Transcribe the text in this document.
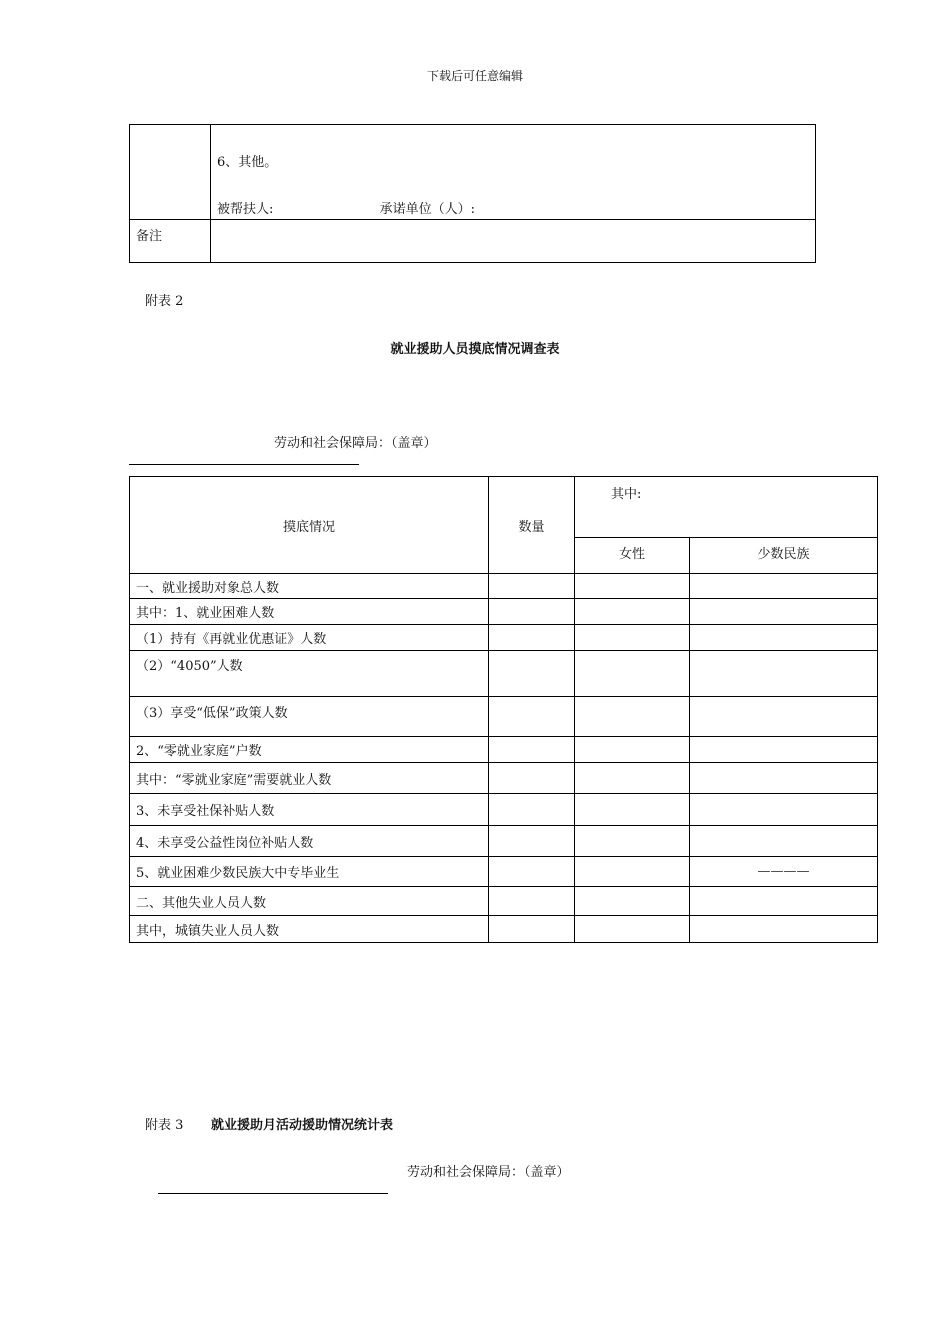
下载后可任意编辑

	6、其他。
被帮扶人: 承诺单位（人）:

备注	
附表 2
就业援助人员摸底情况调查表
劳动和社会保障局：（盖章）
摸底情况	数量	其中:	
		女性	少数民族
一、就业援助对象总人数			
其中：1、就业困难人数			
（1）持有《再就业优惠证》人数			
（2）“4050”人数			
（3）享受“低保”政策人数			
2、“零就业家庭”户数			
其中：“零就业家庭”需要就业人数			
3、未享受社保补贴人数			
4、未享受公益性岗位补贴人数			
5、就业困难少数民族大中专毕业生			————
二、其他失业人员人数			
其中，城镇失业人员人数			
附表 3 就业援助月活动援助情况统计表
劳动和社会保障局：（盖章）
